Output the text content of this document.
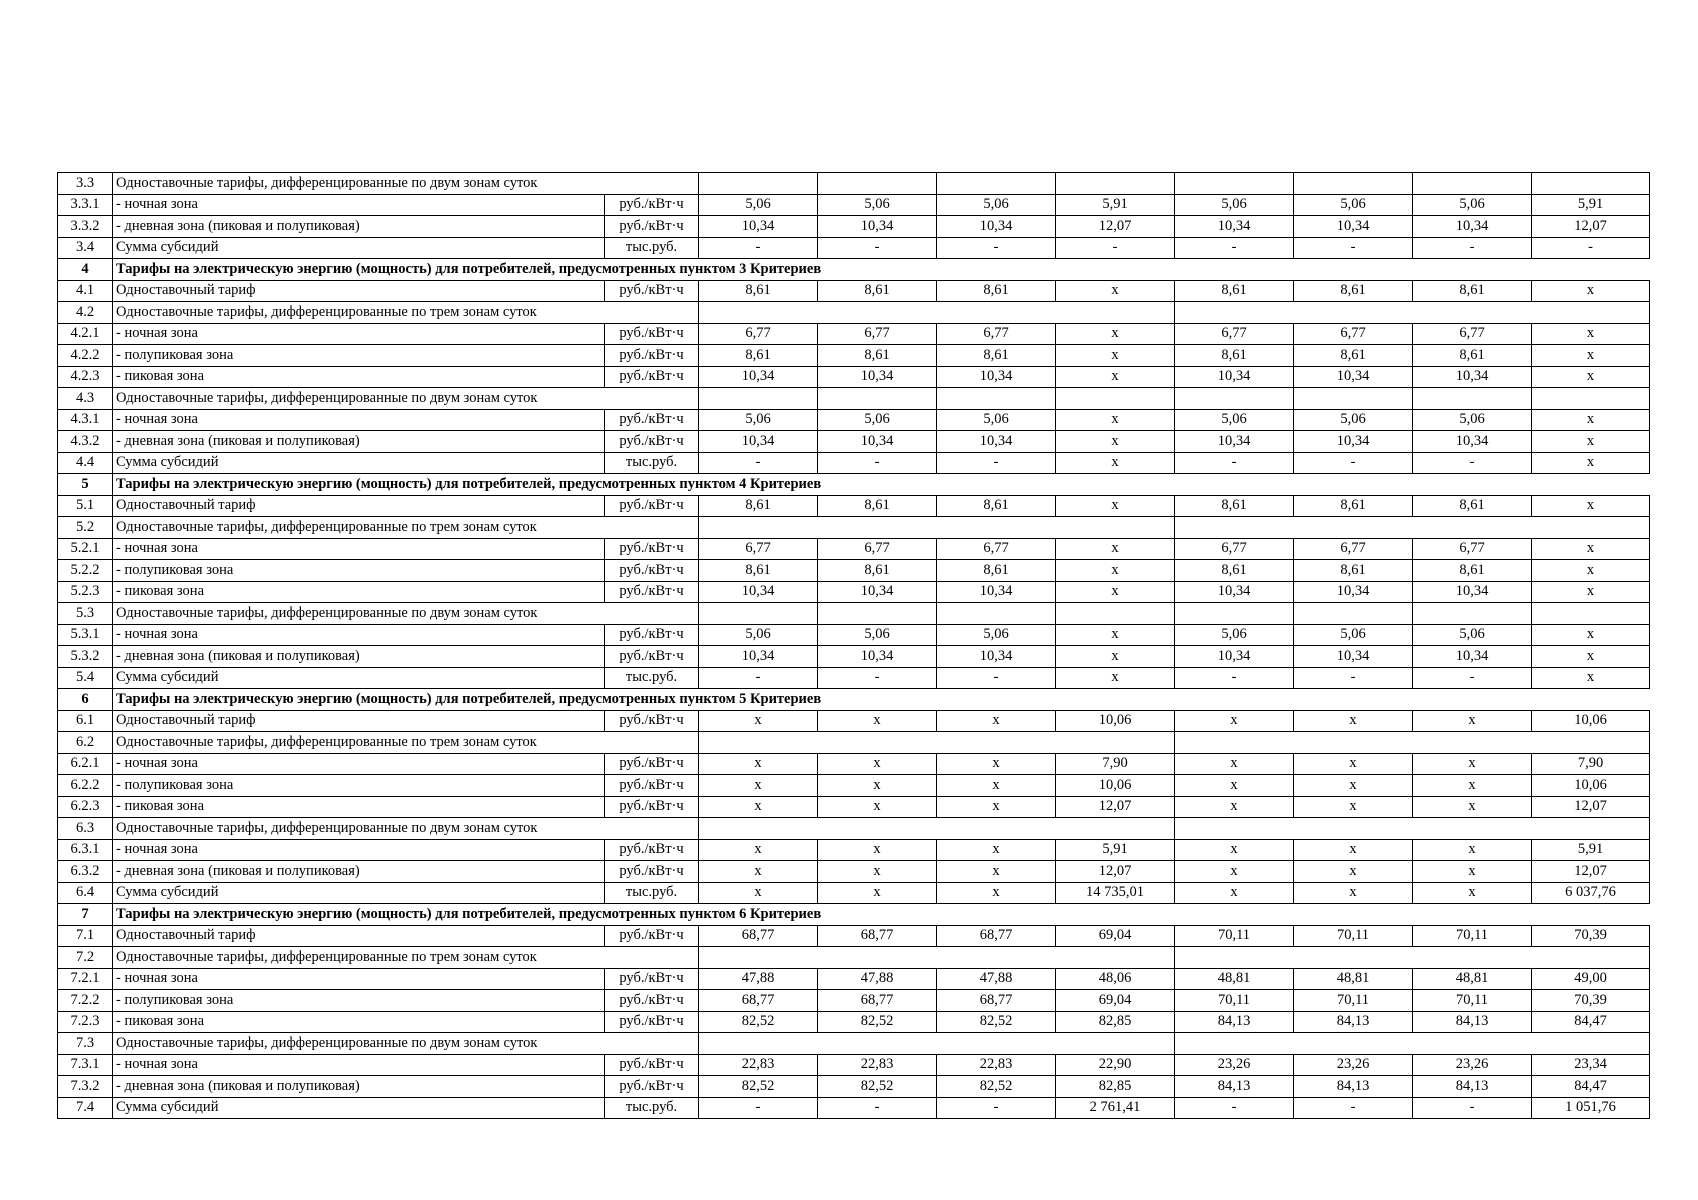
3.3	Одноставочные тарифы, дифференцированные по двум зонам суток									
3.3.1	- ночная зона	руб./кВт·ч	5,06	5,06	5,06	5,91	5,06	5,06	5,06	5,91
3.3.2	- дневная зона (пиковая и полупиковая)	руб./кВт·ч	10,34	10,34	10,34	12,07	10,34	10,34	10,34	12,07
3.4	Сумма субсидий	тыс.руб.	-	-	-	-	-	-	-	-
4	Тарифы на электрическую энергию (мощность) для потребителей, предусмотренных пунктом 3 Критериев									
4.1	Одноставочный тариф	руб./кВт·ч	8,61	8,61	8,61	x	8,61	8,61	8,61	x
4.2	Одноставочные тарифы, дифференцированные по трем зонам суток									
4.2.1	- ночная зона	руб./кВт·ч	6,77	6,77	6,77	x	6,77	6,77	6,77	x
4.2.2	- полупиковая зона	руб./кВт·ч	8,61	8,61	8,61	x	8,61	8,61	8,61	x
4.2.3	- пиковая зона	руб./кВт·ч	10,34	10,34	10,34	x	10,34	10,34	10,34	x
4.3	Одноставочные тарифы, дифференцированные по двум зонам суток									
4.3.1	- ночная зона	руб./кВт·ч	5,06	5,06	5,06	x	5,06	5,06	5,06	x
4.3.2	- дневная зона (пиковая и полупиковая)	руб./кВт·ч	10,34	10,34	10,34	x	10,34	10,34	10,34	x
4.4	Сумма субсидий	тыс.руб.	-	-	-	x	-	-	-	x
5	Тарифы на электрическую энергию (мощность) для потребителей, предусмотренных пунктом 4 Критериев									
5.1	Одноставочный тариф	руб./кВт·ч	8,61	8,61	8,61	x	8,61	8,61	8,61	x
5.2	Одноставочные тарифы, дифференцированные по трем зонам суток									
5.2.1	- ночная зона	руб./кВт·ч	6,77	6,77	6,77	x	6,77	6,77	6,77	x
5.2.2	- полупиковая зона	руб./кВт·ч	8,61	8,61	8,61	x	8,61	8,61	8,61	x
5.2.3	- пиковая зона	руб./кВт·ч	10,34	10,34	10,34	x	10,34	10,34	10,34	x
5.3	Одноставочные тарифы, дифференцированные по двум зонам суток									
5.3.1	- ночная зона	руб./кВт·ч	5,06	5,06	5,06	x	5,06	5,06	5,06	x
5.3.2	- дневная зона (пиковая и полупиковая)	руб./кВт·ч	10,34	10,34	10,34	x	10,34	10,34	10,34	x
5.4	Сумма субсидий	тыс.руб.	-	-	-	x	-	-	-	x
6	Тарифы на электрическую энергию (мощность) для потребителей, предусмотренных пунктом 5 Критериев									
6.1	Одноставочный тариф	руб./кВт·ч	x	x	x	10,06	x	x	x	10,06
6.2	Одноставочные тарифы, дифференцированные по трем зонам суток									
6.2.1	- ночная зона	руб./кВт·ч	x	x	x	7,90	x	x	x	7,90
6.2.2	- полупиковая зона	руб./кВт·ч	x	x	x	10,06	x	x	x	10,06
6.2.3	- пиковая зона	руб./кВт·ч	x	x	x	12,07	x	x	x	12,07
6.3	Одноставочные тарифы, дифференцированные по двум зонам суток									
6.3.1	- ночная зона	руб./кВт·ч	x	x	x	5,91	x	x	x	5,91
6.3.2	- дневная зона (пиковая и полупиковая)	руб./кВт·ч	x	x	x	12,07	x	x	x	12,07
6.4	Сумма субсидий	тыс.руб.	x	x	x	14 735,01	x	x	x	6 037,76
7	Тарифы на электрическую энергию (мощность) для потребителей, предусмотренных пунктом 6 Критериев									
7.1	Одноставочный тариф	руб./кВт·ч	68,77	68,77	68,77	69,04	70,11	70,11	70,11	70,39
7.2	Одноставочные тарифы, дифференцированные по трем зонам суток									
7.2.1	- ночная зона	руб./кВт·ч	47,88	47,88	47,88	48,06	48,81	48,81	48,81	49,00
7.2.2	- полупиковая зона	руб./кВт·ч	68,77	68,77	68,77	69,04	70,11	70,11	70,11	70,39
7.2.3	- пиковая зона	руб./кВт·ч	82,52	82,52	82,52	82,85	84,13	84,13	84,13	84,47
7.3	Одноставочные тарифы, дифференцированные по двум зонам суток									
7.3.1	- ночная зона	руб./кВт·ч	22,83	22,83	22,83	22,90	23,26	23,26	23,26	23,34
7.3.2	- дневная зона (пиковая и полупиковая)	руб./кВт·ч	82,52	82,52	82,52	82,85	84,13	84,13	84,13	84,47
7.4	Сумма субсидий	тыс.руб.	-	-	-	2 761,41	-	-	-	1 051,76
